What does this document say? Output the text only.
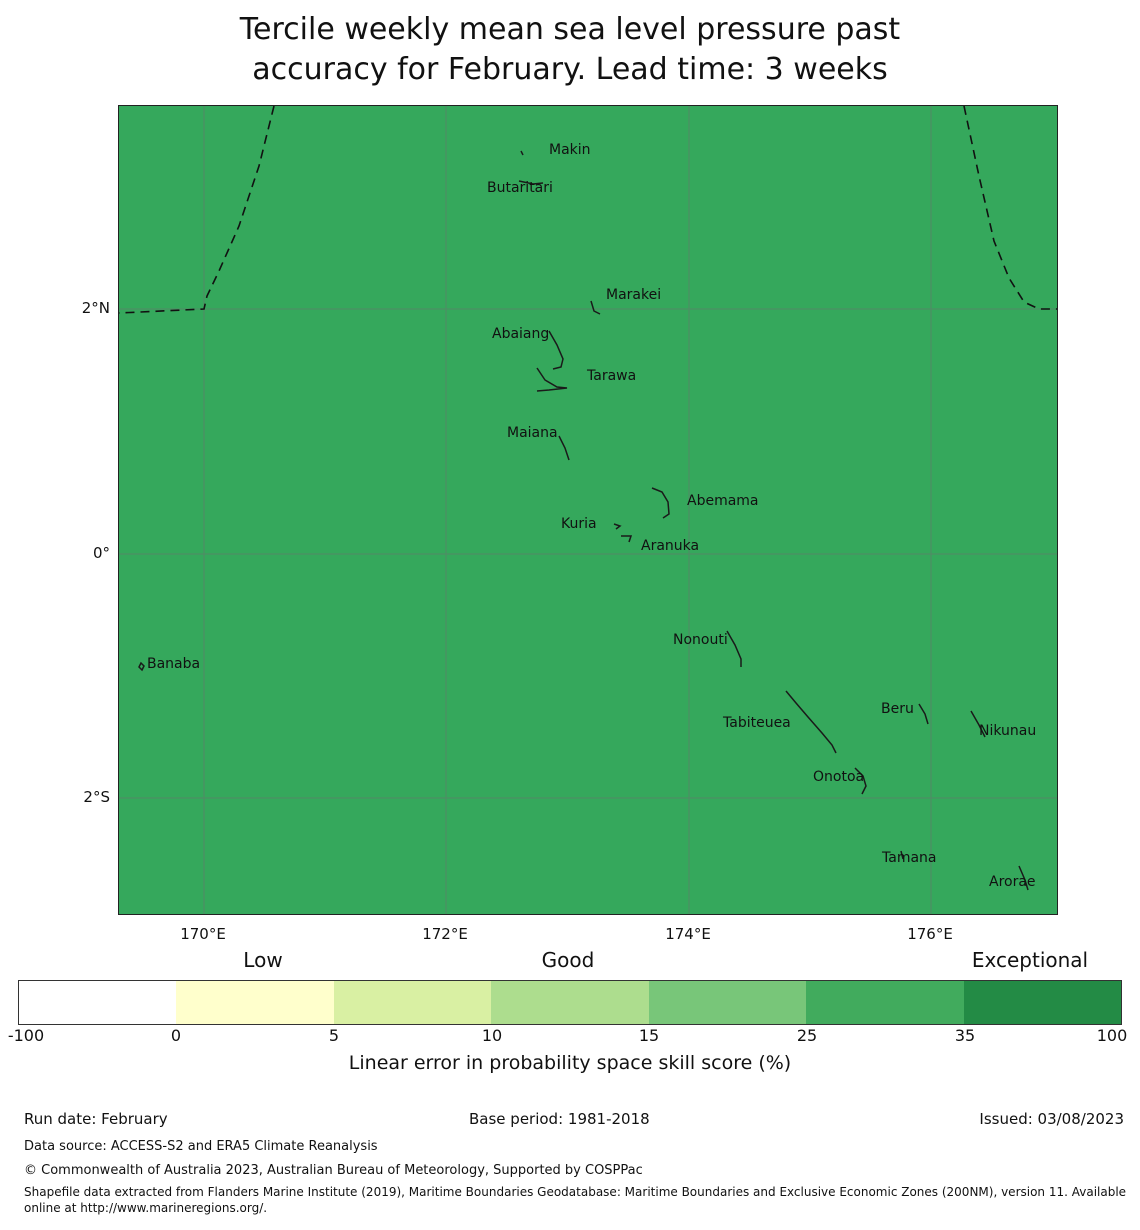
Tercile weekly mean sea level pressure past
accuracy for February. Lead time: 3 weeks
Makin
Butaritari
Marakei
Abaiang
Tarawa
Maiana
Abemama
Kuria
Aranuka
Nonouti
Banaba
Tabiteuea
Beru
Nikunau
Onotoa
Tamana
Arorae
2°N
0°
2°S
170°E	172°E	174°E	176°E
Low	Good	Exceptional
-100	0	5	10	15	25	35	100
Linear error in probability space skill score (%)
Run date: February	Base period: 1981-2018	Issued: 03/08/2023
Data source: ACCESS-S2 and ERA5 Climate Reanalysis
© Commonwealth of Australia 2023, Australian Bureau of Meteorology, Supported by COSPPac
Shapefile data extracted from Flanders Marine Institute (2019), Maritime Boundaries Geodatabase: Maritime Boundaries and Exclusive Economic Zones (200NM), version 11. Available online at http://www.marineregions.org/.
